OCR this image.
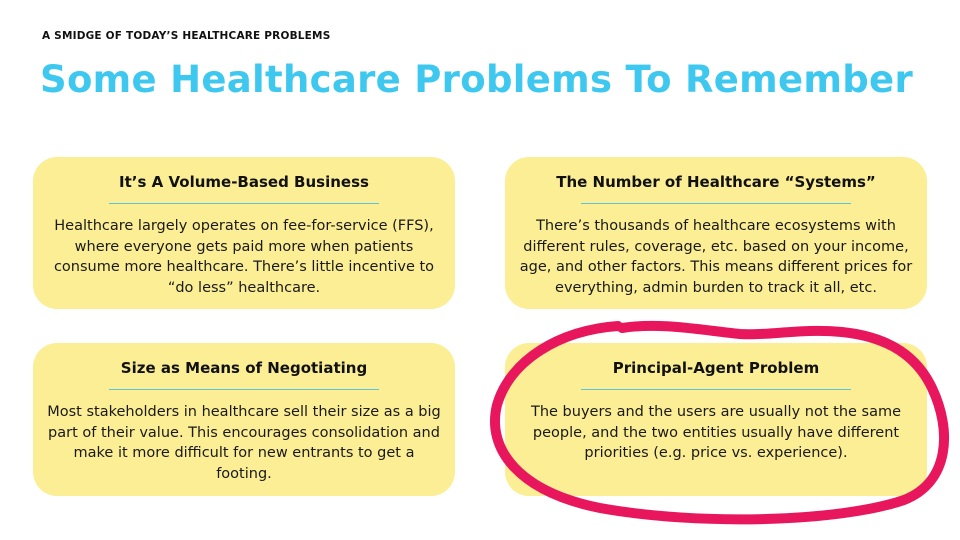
A SMIDGE OF TODAY’S HEALTHCARE PROBLEMS
Some Healthcare Problems To Remember
It’s A Volume-Based Business

Healthcare largely operates on fee-for-service (FFS), where everyone gets paid more when patients consume more healthcare. There’s little incentive to “do less” healthcare.

The Number of Healthcare “Systems”

There’s thousands of healthcare ecosystems with different rules, coverage, etc. based on your income, age, and other factors. This means different prices for everything, admin burden to track it all, etc.

Size as Means of Negotiating

Most stakeholders in healthcare sell their size as a big part of their value. This encourages consolidation and make it more difficult for new entrants to get a footing.

Principal-Agent Problem

The buyers and the users are usually not the same people, and the two entities usually have different priorities (e.g. price vs. experience).
